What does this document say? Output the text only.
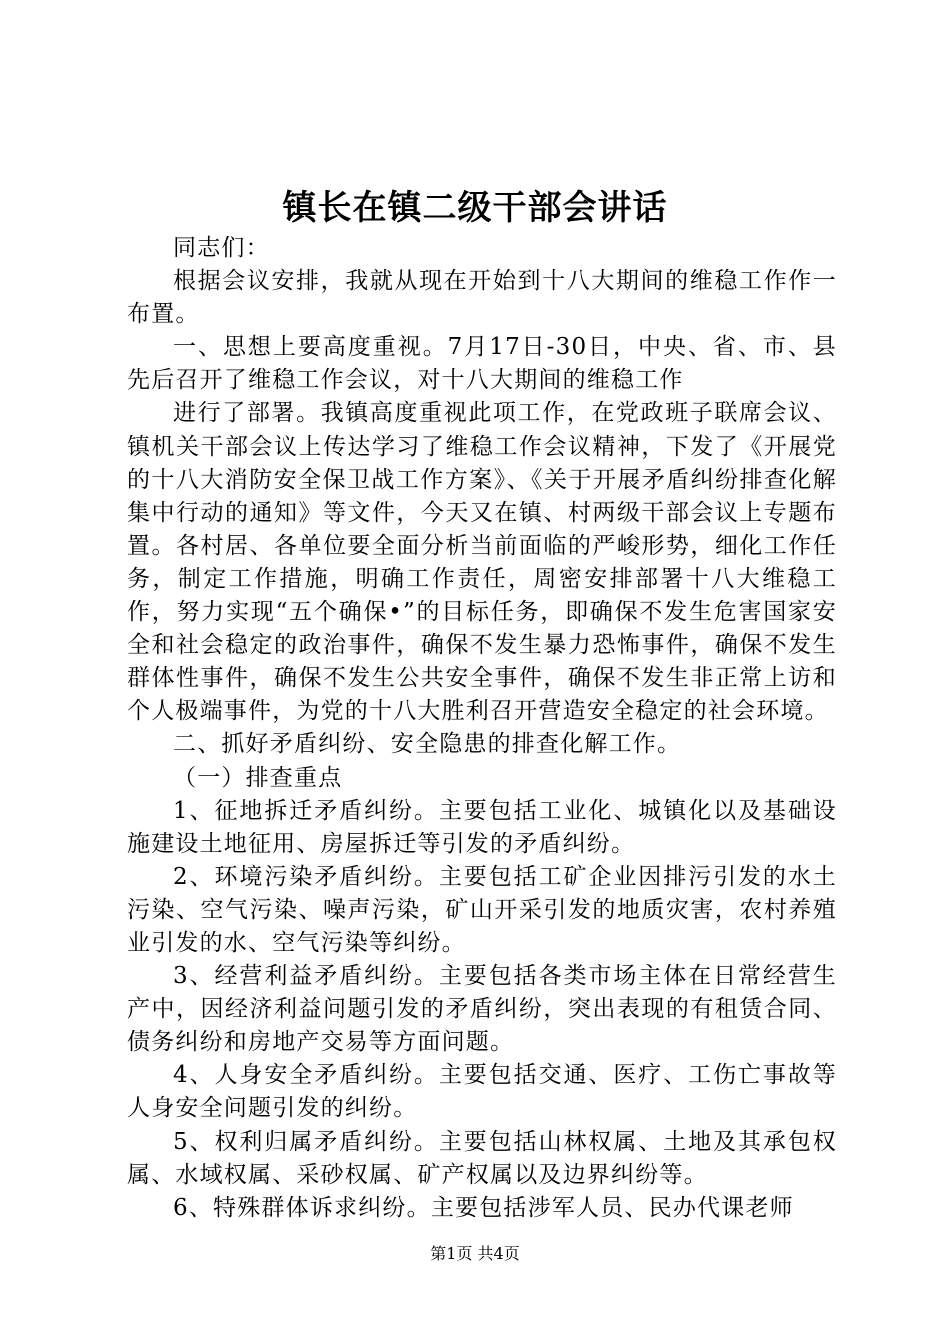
镇长在镇二级干部会讲话

同志们：

根据会议安排，我就从现在开始到十八大期间的维稳工作作一布置。

一、思想上要高度重视。7月17日-30日，中央、省、市、县先后召开了维稳工作会议，对十八大期间的维稳工作

进行了部署。我镇高度重视此项工作，在党政班子联席会议、镇机关干部会议上传达学习了维稳工作会议精神，下发了《开展党的十八大消防安全保卫战工作方案》、《关于开展矛盾纠纷排查化解集中行动的通知》等文件，今天又在镇、村两级干部会议上专题布置。各村居、各单位要全面分析当前面临的严峻形势，细化工作任务，制定工作措施，明确工作责任，周密安排部署十八大维稳工作，努力实现“五个确保•”的目标任务，即确保不发生危害国家安全和社会稳定的政治事件，确保不发生暴力恐怖事件，确保不发生群体性事件，确保不发生公共安全事件，确保不发生非正常上访和个人极端事件，为党的十八大胜利召开营造安全稳定的社会环境。

二、抓好矛盾纠纷、安全隐患的排查化解工作。

（一）排查重点

1、征地拆迁矛盾纠纷。主要包括工业化、城镇化以及基础设施建设土地征用、房屋拆迁等引发的矛盾纠纷。

2、环境污染矛盾纠纷。主要包括工矿企业因排污引发的水土污染、空气污染、噪声污染，矿山开采引发的地质灾害，农村养殖业引发的水、空气污染等纠纷。

3、经营利益矛盾纠纷。主要包括各类市场主体在日常经营生产中，因经济利益问题引发的矛盾纠纷，突出表现的有租赁合同、债务纠纷和房地产交易等方面问题。

4、人身安全矛盾纠纷。主要包括交通、医疗、工伤亡事故等人身安全问题引发的纠纷。

5、权利归属矛盾纠纷。主要包括山林权属、土地及其承包权属、水域权属、采砂权属、矿产权属以及边界纠纷等。

6、特殊群体诉求纠纷。主要包括涉军人员、民办代课老师

第1页 共4页
